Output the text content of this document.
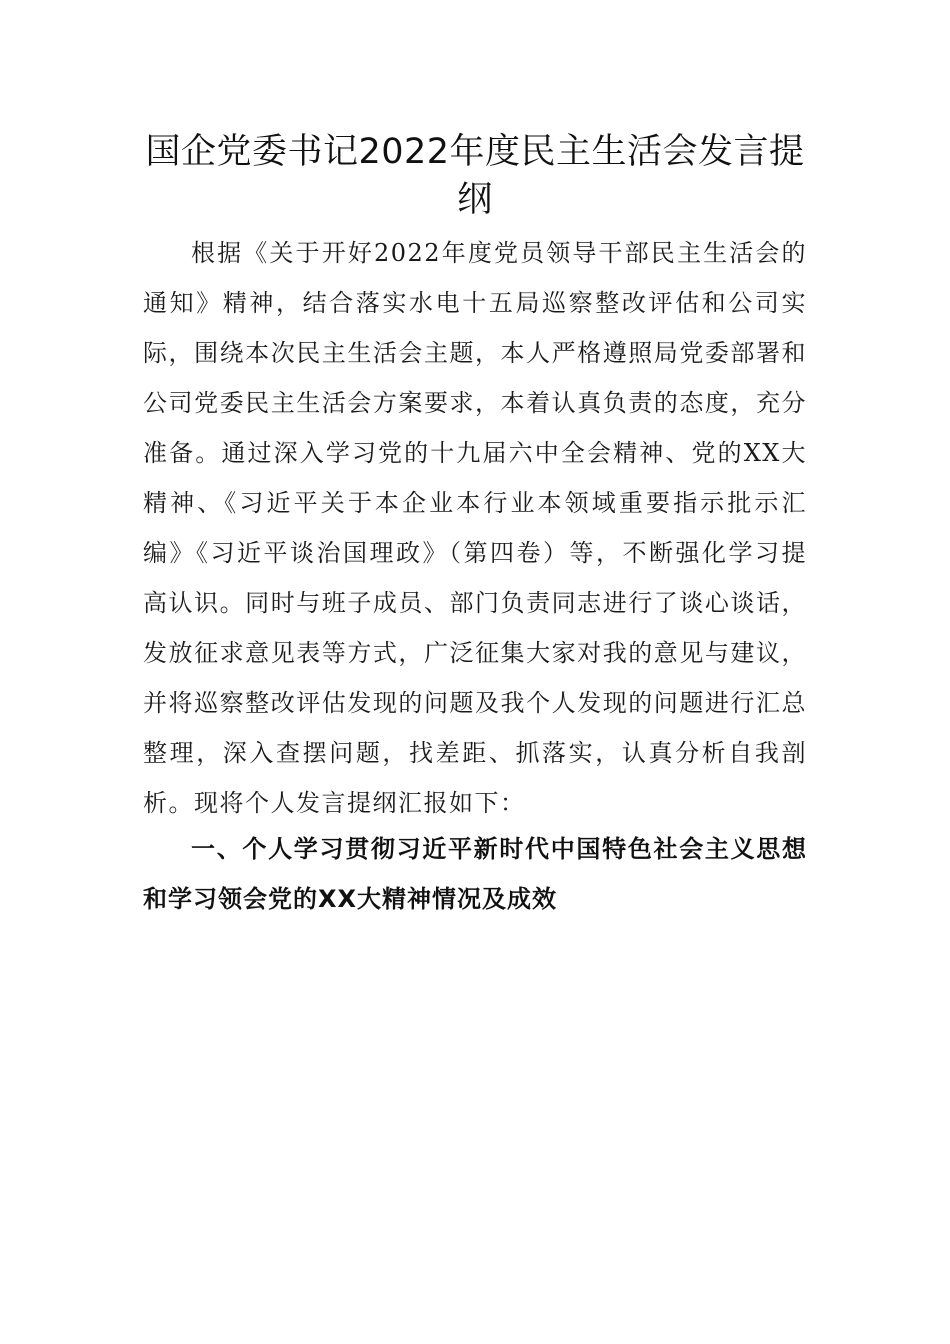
国企党委书记2022年度民主生活会发言提纲

根据《关于开好2022年度党员领导干部民主生活会的通知》精神，结合落实水电十五局巡察整改评估和公司实际，围绕本次民主生活会主题，本人严格遵照局党委部署和公司党委民主生活会方案要求，本着认真负责的态度，充分准备。通过深入学习党的十九届六中全会精神、党的XX大精神、《习近平关于本企业本行业本领域重要指示批示汇编》《习近平谈治国理政》（第四卷）等，不断强化学习提高认识。同时与班子成员、部门负责同志进行了谈心谈话，发放征求意见表等方式，广泛征集大家对我的意见与建议，并将巡察整改评估发现的问题及我个人发现的问题进行汇总整理，深入查摆问题，找差距、抓落实，认真分析自我剖析。现将个人发言提纲汇报如下：

一、个人学习贯彻习近平新时代中国特色社会主义思想和学习领会党的XX大精神情况及成效
